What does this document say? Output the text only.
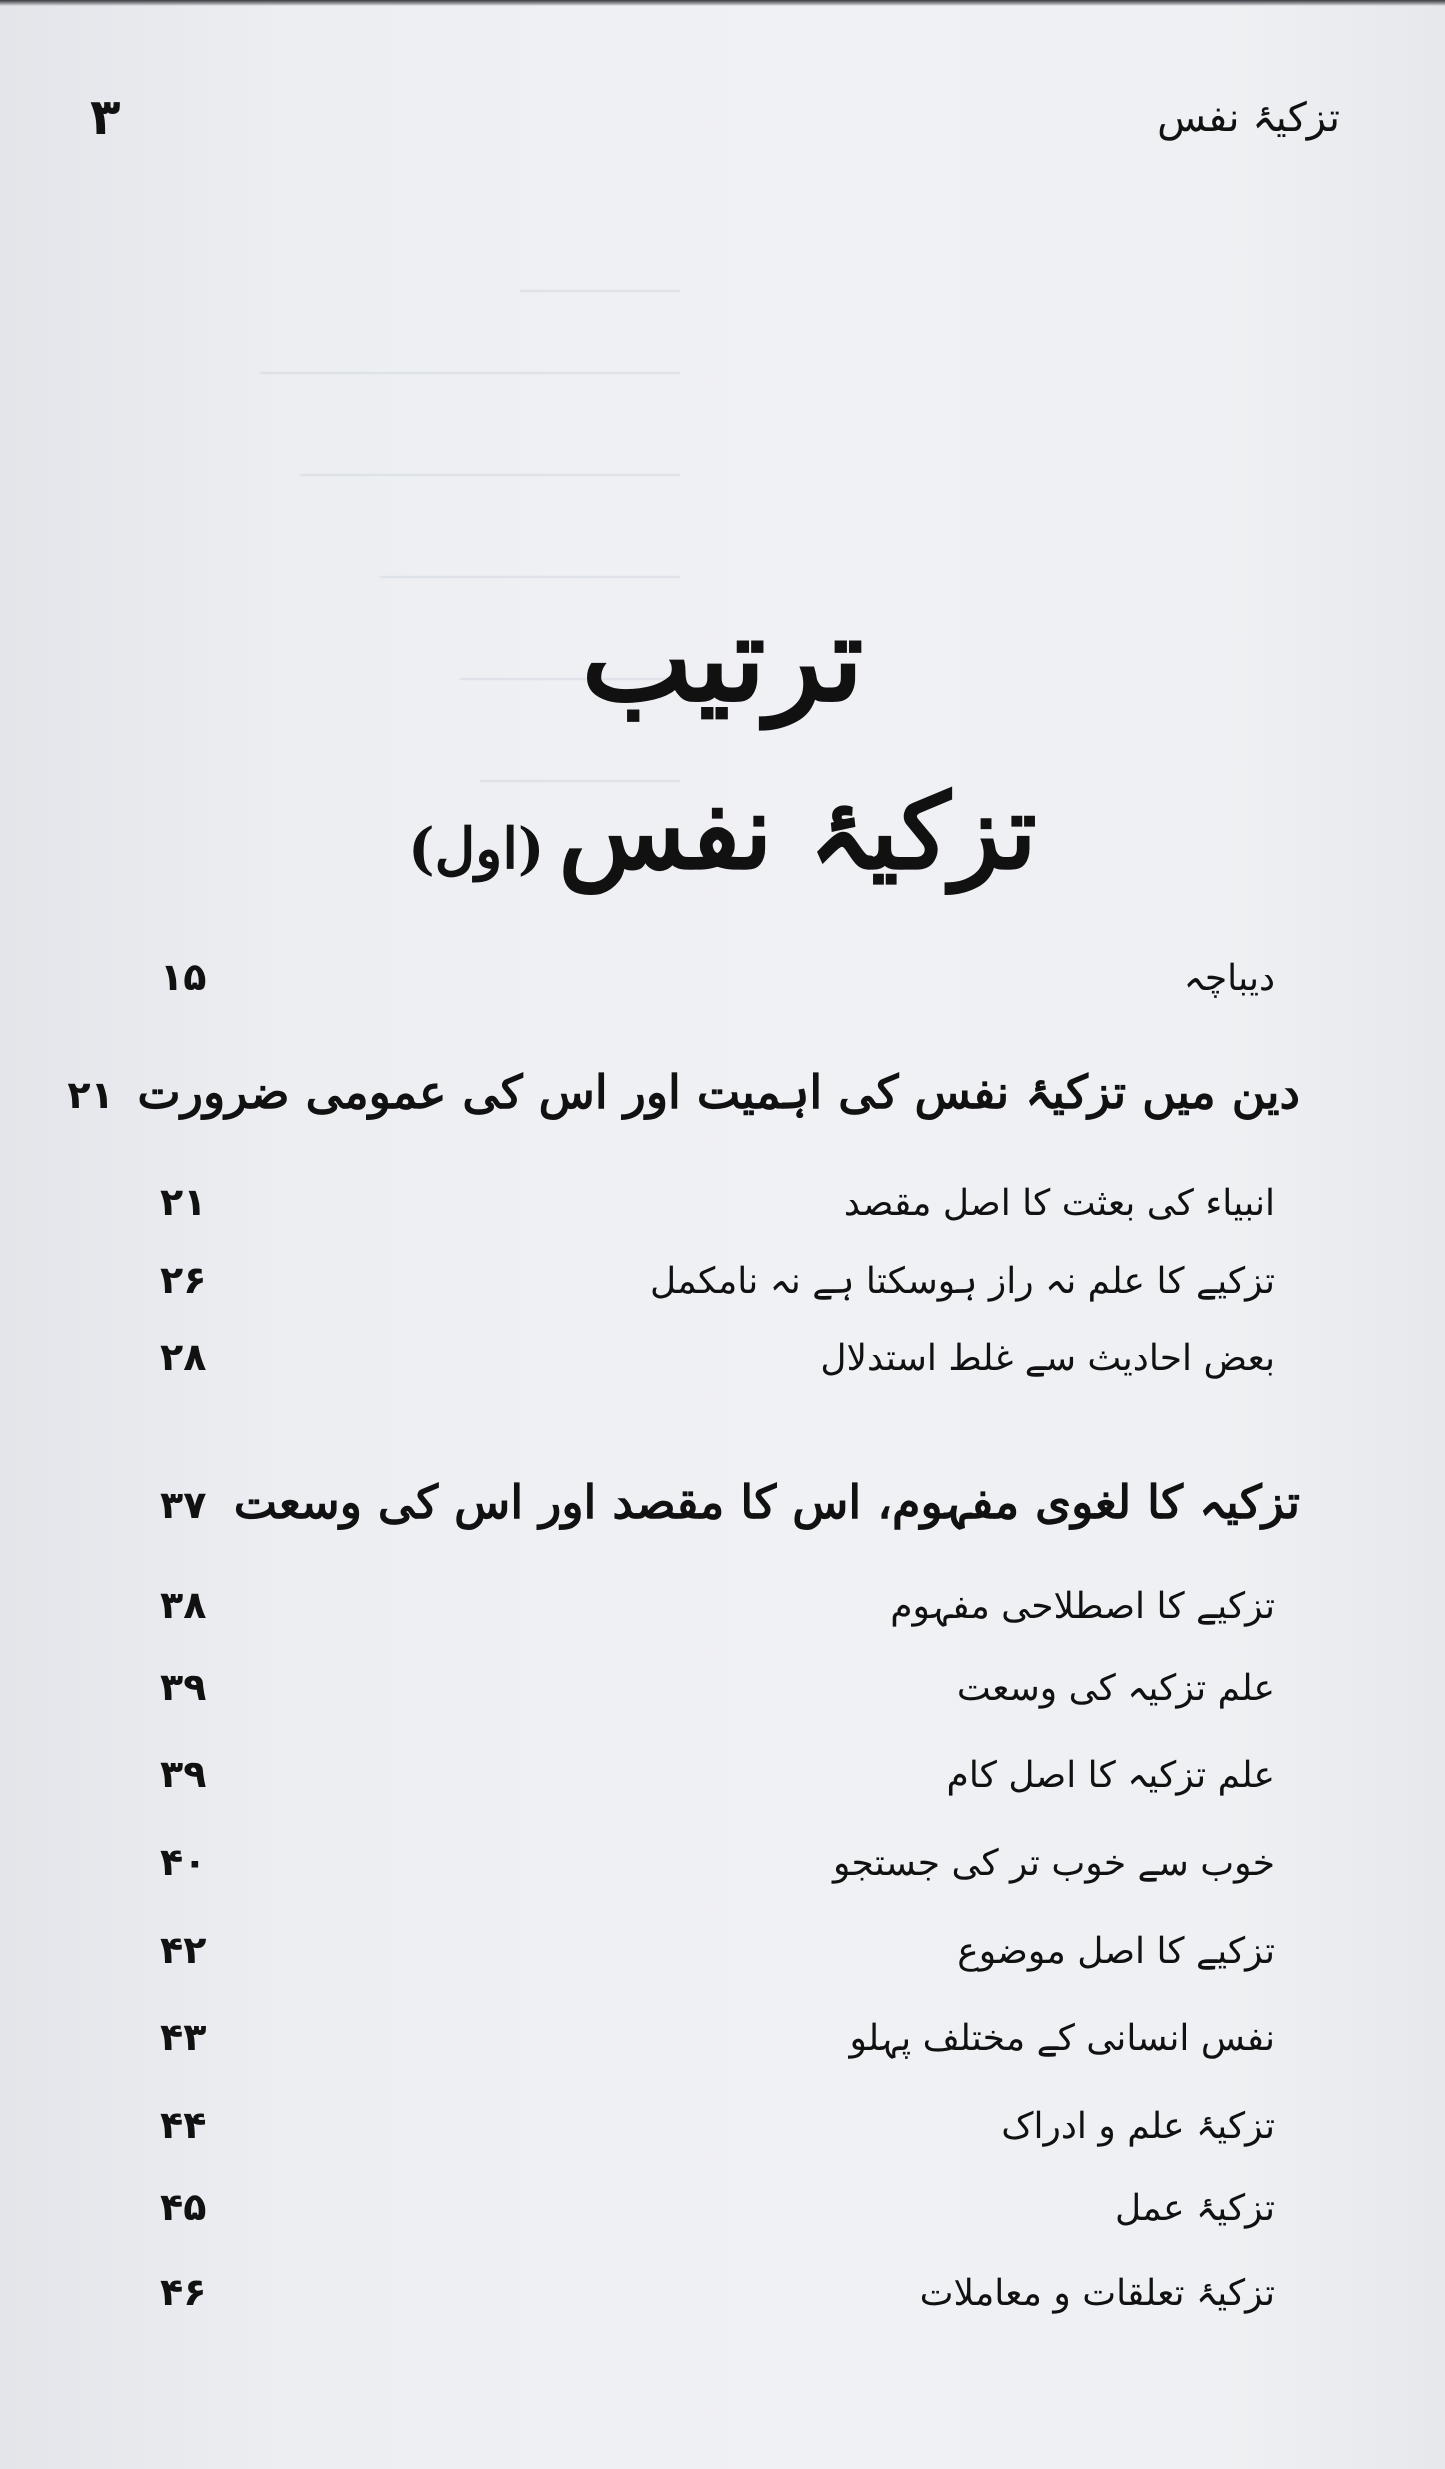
۳	تزکیۂ نفس
ترتیب
تزکیۂ نفس(اول)
دیباچہ
۱۵
دین میں تزکیۂ نفس کی اہمیت اور اس کی عمومی ضرورت
۲۱
انبیاء کی بعثت کا اصل مقصد
۲۱
تزکیے کا علم نہ راز ہوسکتا ہے نہ نامکمل
۲۶
بعض احادیث سے غلط استدلال
۲۸
تزکیہ کا لغوی مفہوم، اس کا مقصد اور اس کی وسعت
۳۷
تزکیے کا اصطلاحی مفہوم
۳۸
علم تزکیہ کی وسعت
۳۹
علم تزکیہ کا اصل کام
۳۹
خوب سے خوب تر کی جستجو
۴۰
تزکیے کا اصل موضوع
۴۲
نفس انسانی کے مختلف پہلو
۴۳
تزکیۂ علم و ادراک
۴۴
تزکیۂ عمل
۴۵
تزکیۂ تعلقات و معاملات
۴۶
